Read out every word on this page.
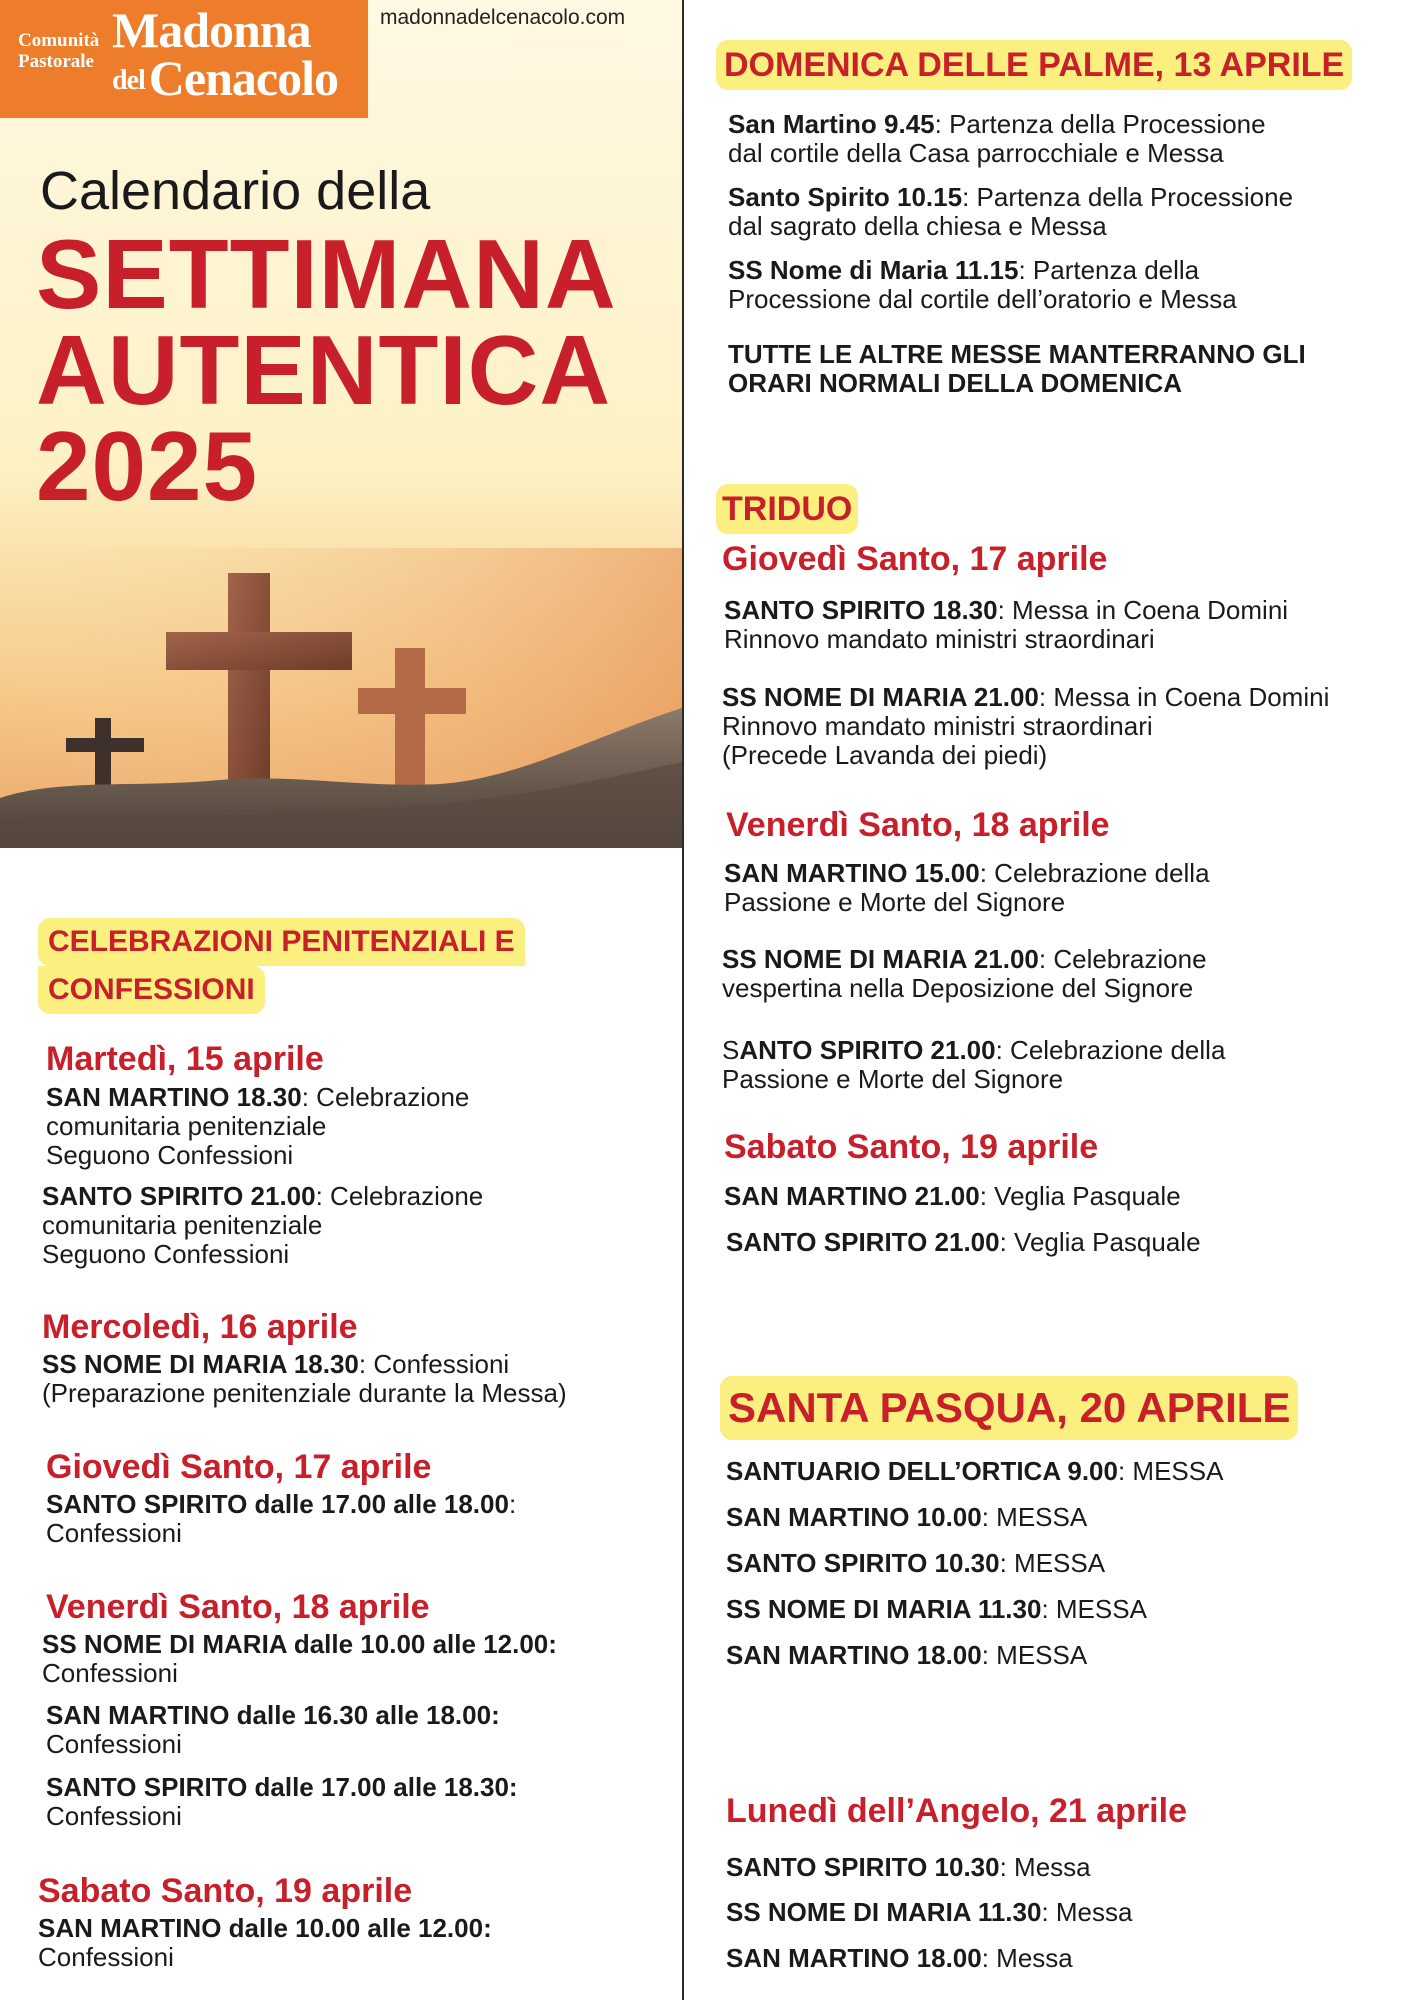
Comunità
Pastorale
Madonna
delCenacolo
madonnadelcenacolo.com
Calendario della
SETTIMANA
AUTENTICA
2025
CELEBRAZIONI PENITENZIALI E
CONFESSIONI
Martedì, 15 aprile
SAN MARTINO 18.30: Celebrazione
comunitaria penitenziale
Seguono Confessioni
SANTO SPIRITO 21.00: Celebrazione
comunitaria penitenziale
Seguono Confessioni
Mercoledì, 16 aprile
SS NOME DI MARIA 18.30: Confessioni
(Preparazione penitenziale durante la Messa)
Giovedì Santo, 17 aprile
SANTO SPIRITO dalle 17.00 alle 18.00:
Confessioni
Venerdì Santo, 18 aprile
SS NOME DI MARIA dalle 10.00 alle 12.00:
Confessioni
SAN MARTINO dalle 16.30 alle 18.00:
Confessioni
SANTO SPIRITO dalle 17.00 alle 18.30:
Confessioni
Sabato Santo, 19 aprile
SAN MARTINO dalle 10.00 alle 12.00:
Confessioni
DOMENICA DELLE PALME, 13 APRILE
San Martino 9.45: Partenza della Processione
dal cortile della Casa parrocchiale e Messa
Santo Spirito 10.15: Partenza della Processione
dal sagrato della chiesa e Messa
SS Nome di Maria 11.15: Partenza della
Processione dal cortile dell’oratorio e Messa
TUTTE LE ALTRE MESSE MANTERRANNO GLI
ORARI NORMALI DELLA DOMENICA
TRIDUO
Giovedì Santo, 17 aprile
SANTO SPIRITO 18.30: Messa in Coena Domini
Rinnovo mandato ministri straordinari
SS NOME DI MARIA 21.00: Messa in Coena Domini
Rinnovo mandato ministri straordinari
(Precede Lavanda dei piedi)
Venerdì Santo, 18 aprile
SAN MARTINO 15.00: Celebrazione della
Passione e Morte del Signore
SS NOME DI MARIA 21.00: Celebrazione
vespertina nella Deposizione del Signore
SANTO SPIRITO 21.00: Celebrazione della
Passione e Morte del Signore
Sabato Santo, 19 aprile
SAN MARTINO 21.00: Veglia Pasquale
SANTO SPIRITO 21.00: Veglia Pasquale
SANTA PASQUA, 20 APRILE
SANTUARIO DELL’ORTICA 9.00: MESSA
SAN MARTINO 10.00: MESSA
SANTO SPIRITO 10.30: MESSA
SS NOME DI MARIA 11.30: MESSA
SAN MARTINO 18.00: MESSA
Lunedì dell’Angelo, 21 aprile
SANTO SPIRITO 10.30: Messa
SS NOME DI MARIA 11.30: Messa
SAN MARTINO 18.00: Messa
